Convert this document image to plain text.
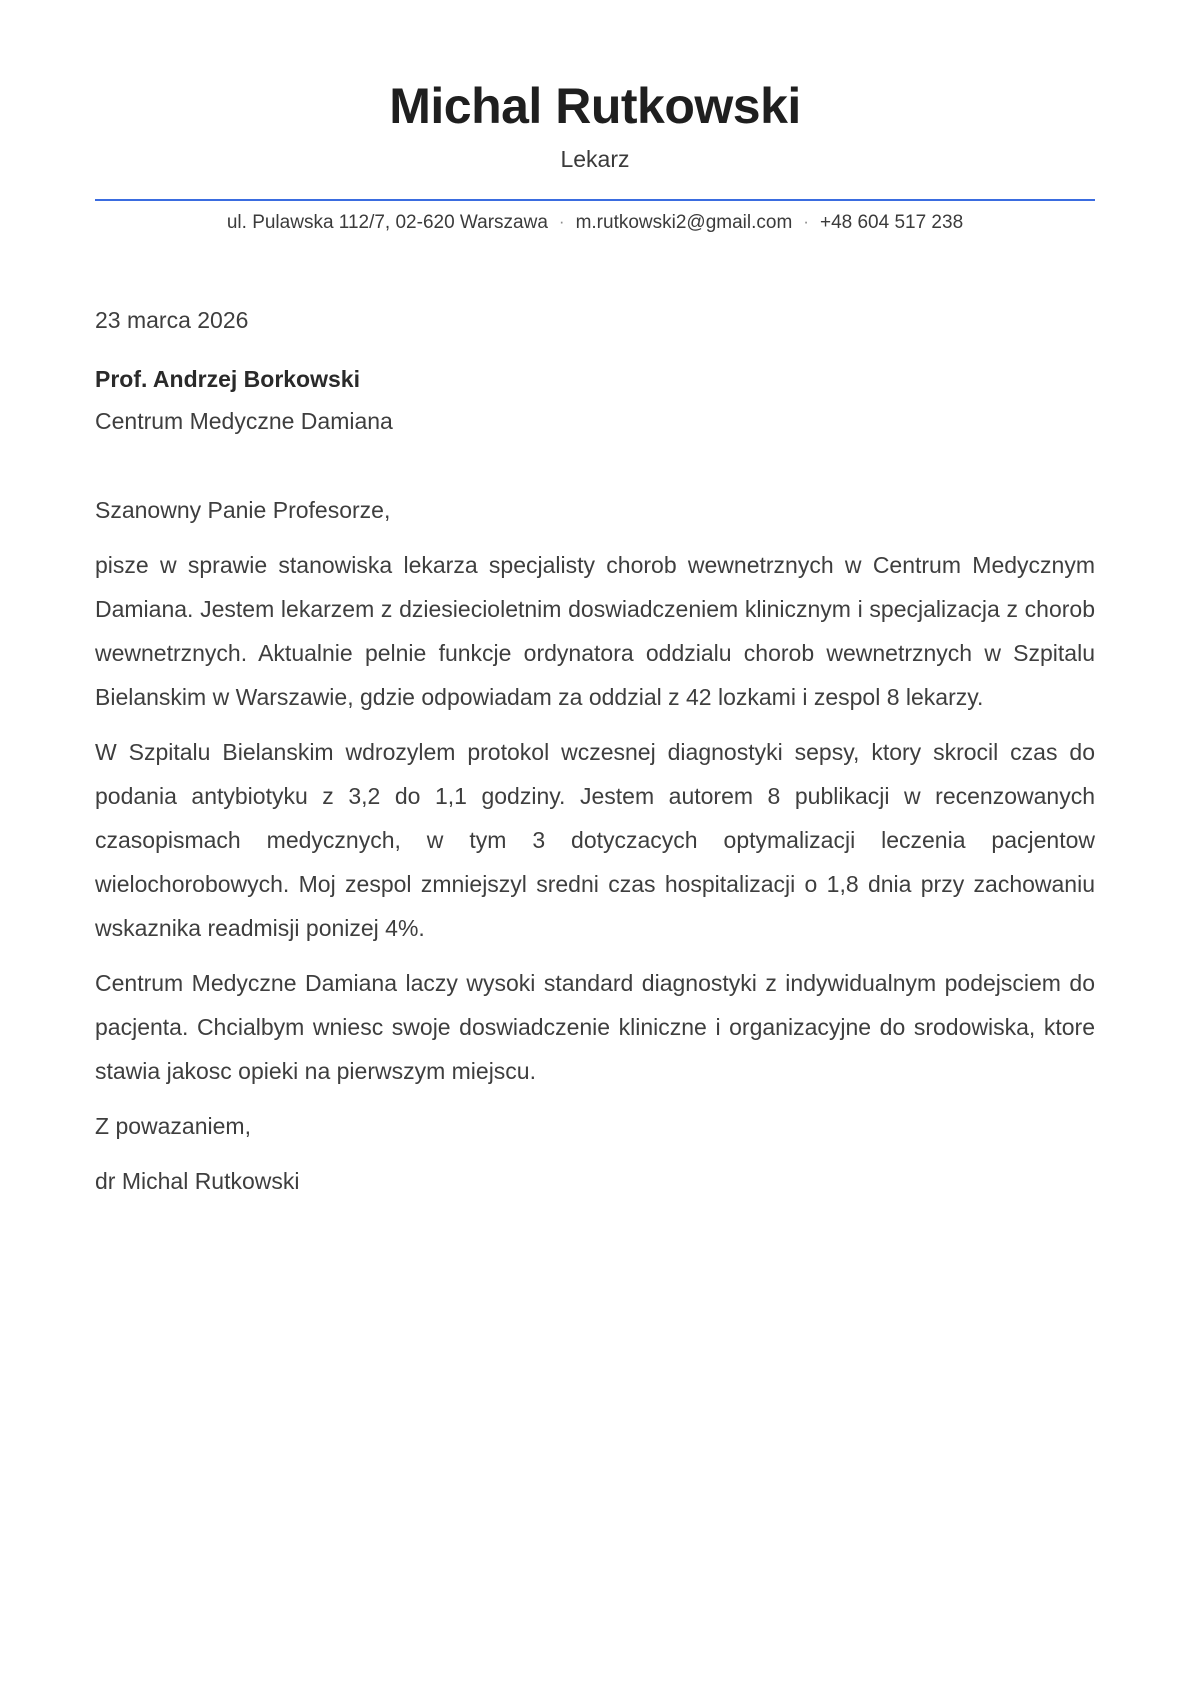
Michal Rutkowski
Lekarz
ul. Pulawska 112/7, 02-620 Warszawa · m.rutkowski2@gmail.com · +48 604 517 238

23 marca 2026

Prof. Andrzej Borkowski
Centrum Medyczne Damiana

Szanowny Panie Profesorze,

pisze w sprawie stanowiska lekarza specjalisty chorob wewnetrznych w Centrum Medycznym Damiana. Jestem lekarzem z dziesiecioletnim doswiadczeniem klinicznym i specjalizacja z chorob wewnetrznych. Aktualnie pelnie funkcje ordynatora oddzialu chorob wewnetrznych w Szpitalu Bielanskim w Warszawie, gdzie odpowiadam za oddzial z 42 lozkami i zespol 8 lekarzy.

W Szpitalu Bielanskim wdrozylem protokol wczesnej diagnostyki sepsy, ktory skrocil czas do podania antybiotyku z 3,2 do 1,1 godziny. Jestem autorem 8 publikacji w recenzowanych czasopismach medycznych, w tym 3 dotyczacych optymalizacji leczenia pacjentow wielochorobowych. Moj zespol zmniejszyl sredni czas hospitalizacji o 1,8 dnia przy zachowaniu wskaznika readmisji ponizej 4%.

Centrum Medyczne Damiana laczy wysoki standard diagnostyki z indywidualnym podejsciem do pacjenta. Chcialbym wniesc swoje doswiadczenie kliniczne i organizacyjne do srodowiska, ktore stawia jakosc opieki na pierwszym miejscu.

Z powazaniem,

dr Michal Rutkowski
